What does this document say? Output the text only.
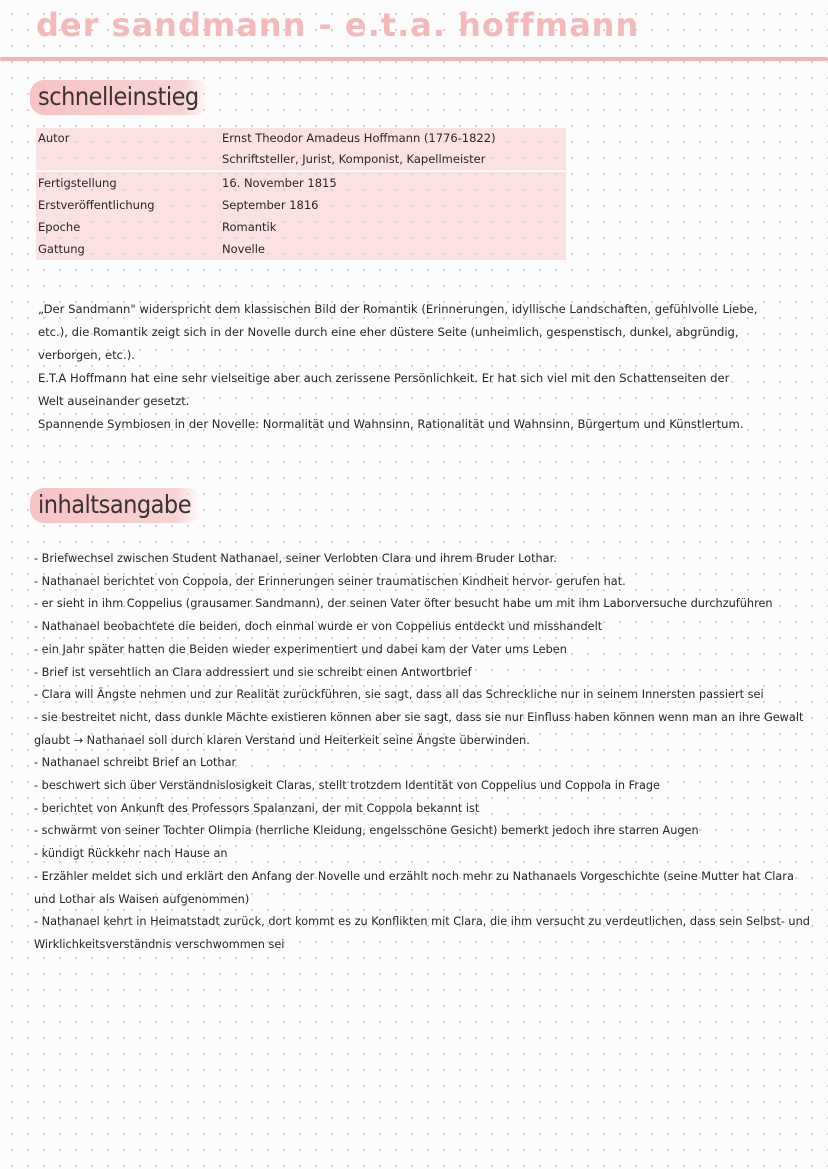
der sandmann - e.t.a. hoffmann
schnelleinstieg
Autor	Ernst Theodor Amadeus Hoffmann (1776-1822)
Schriftsteller, Jurist, Komponist, Kapellmeister
Fertigstellung	16. November 1815
Erstveröffentlichung	September 1816
Epoche	Romantik
Gattung	Novelle

„Der Sandmann" widerspricht dem klassischen Bild der Romantik (Erinnerungen, idyllische Landschaften, gefühlvolle Liebe, etc.), die Romantik zeigt sich in der Novelle durch eine eher düstere Seite (unheimlich, gespenstisch, dunkel, abgründig, verborgen, etc.).

E.T.A Hoffmann hat eine sehr vielseitige aber auch zerissene Persönlichkeit. Er hat sich viel mit den Schattenseiten der Welt auseinander gesetzt.

Spannende Symbiosen in der Novelle: Normalität und Wahnsinn, Rationalität und Wahnsinn, Bürgertum und Künstlertum.

inhaltsangabe
- Briefwechsel zwischen Student Nathanael, seiner Verlobten Clara und ihrem Bruder Lothar.
- Nathanael berichtet von Coppola, der Erinnerungen seiner traumatischen Kindheit hervor- gerufen hat.
- er sieht in ihm Coppelius (grausamer Sandmann), der seinen Vater öfter besucht habe um mit ihm Laborversuche durchzuführen
- Nathanael beobachtete die beiden, doch einmal wurde er von Coppelius entdeckt und misshandelt
- ein Jahr später hatten die Beiden wieder experimentiert und dabei kam der Vater ums Leben
- Brief ist versehtlich an Clara addressiert und sie schreibt einen Antwortbrief
- Clara will Ängste nehmen und zur Realität zurückführen, sie sagt, dass all das Schreckliche nur in seinem Innersten passiert sei
- sie bestreitet nicht, dass dunkle Mächte existieren können aber sie sagt, dass sie nur Einfluss haben können wenn man an ihre Gewalt glaubt → Nathanael soll durch klaren Verstand und Heiterkeit seine Ängste überwinden.
- Nathanael schreibt Brief an Lothar
- beschwert sich über Verständnislosigkeit Claras, stellt trotzdem Identität von Coppelius und Coppola in Frage
- berichtet von Ankunft des Professors Spalanzani, der mit Coppola bekannt ist
- schwärmt von seiner Tochter Olimpia (herrliche Kleidung, engelsschöne Gesicht) bemerkt jedoch ihre starren Augen
- kündigt Rückkehr nach Hause an
- Erzähler meldet sich und erklärt den Anfang der Novelle und erzählt noch mehr zu Nathanaels Vorgeschichte (seine Mutter hat Clara und Lothar als Waisen aufgenommen)
- Nathanael kehrt in Heimatstadt zurück, dort kommt es zu Konflikten mit Clara, die ihm versucht zu verdeutlichen, dass sein Selbst- und Wirklichkeitsverständnis verschwommen sei
